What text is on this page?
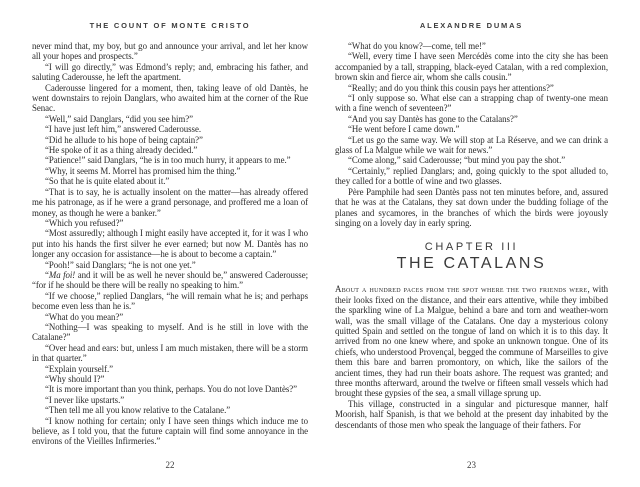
THE COUNT OF MONTE CRISTO

never mind that, my boy, but go and announce your arrival, and let her know all your hopes and prospects.”

“I will go directly,” was Edmond’s reply; and, embracing his father, and saluting Caderousse, he left the apartment.

Caderousse lingered for a moment, then, taking leave of old Dantès, he went downstairs to rejoin Danglars, who awaited him at the corner of the Rue Senac.

“Well,” said Danglars, “did you see him?”

“I have just left him,” answered Caderousse.

“Did he allude to his hope of being captain?”

“He spoke of it as a thing already decided.”

“Patience!” said Danglars, “he is in too much hurry, it appears to me.”

“Why, it seems M. Morrel has promised him the thing.”

“So that he is quite elated about it.”

“That is to say, he is actually insolent on the matter—has already offered me his patronage, as if he were a grand personage, and proffered me a loan of money, as though he were a banker.”

“Which you refused?”

“Most assuredly; although I might easily have accepted it, for it was I who put into his hands the first silver he ever earned; but now M. Dantès has no longer any occasion for assistance—he is about to become a captain.”

“Pooh!” said Danglars; “he is not one yet.”

“Ma foi! and it will be as well he never should be,” answered Caderousse; “for if he should be there will be really no speaking to him.”

“If we choose,” replied Danglars, “he will remain what he is; and perhaps become even less than he is.”

“What do you mean?”

“Nothing—I was speaking to myself. And is he still in love with the Catalane?”

“Over head and ears: but, unless I am much mistaken, there will be a storm in that quarter.”

“Explain yourself.”

“Why should I?”

“It is more important than you think, perhaps. You do not love Dantès?”

“I never like upstarts.”

“Then tell me all you know relative to the Catalane.”

“I know nothing for certain; only I have seen things which induce me to believe, as I told you, that the future captain will find some annoyance in the environs of the Vieilles Infirmeries.”

22
ALEXANDRE DUMAS

“What do you know?—come, tell me!”

“Well, every time I have seen Mercédès come into the city she has been accompanied by a tall, strapping, black-eyed Catalan, with a red complexion, brown skin and fierce air, whom she calls cousin.”

“Really; and do you think this cousin pays her attentions?”

“I only suppose so. What else can a strapping chap of twenty-one mean with a fine wench of seventeen?”

“And you say Dantès has gone to the Catalans?”

“He went before I came down.”

“Let us go the same way. We will stop at La Réserve, and we can drink a glass of La Malgue while we wait for news.”

“Come along,” said Caderousse; “but mind you pay the shot.”

“Certainly,” replied Danglars; and, going quickly to the spot alluded to, they called for a bottle of wine and two glasses.

Père Pamphile had seen Dantès pass not ten minutes before, and, assured that he was at the Catalans, they sat down under the budding foliage of the planes and sycamores, in the branches of which the birds were joyously singing on a lovely day in early spring.

CHAPTER III
THE CATALANS

About a hundred paces from the spot where the two friends were, with their looks fixed on the distance, and their ears attentive, while they imbibed the sparkling wine of La Malgue, behind a bare and torn and weather-worn wall, was the small village of the Catalans. One day a mysterious colony quitted Spain and settled on the tongue of land on which it is to this day. It arrived from no one knew where, and spoke an unknown tongue. One of its chiefs, who understood Provençal, begged the commune of Marseilles to give them this bare and barren promontory, on which, like the sailors of the ancient times, they had run their boats ashore. The request was granted; and three months afterward, around the twelve or fifteen small vessels which had brought these gypsies of the sea, a small village sprung up.

This village, constructed in a singular and picturesque manner, half Moorish, half Spanish, is that we behold at the present day inhabited by the descendants of those men who speak the language of their fathers. For

23
